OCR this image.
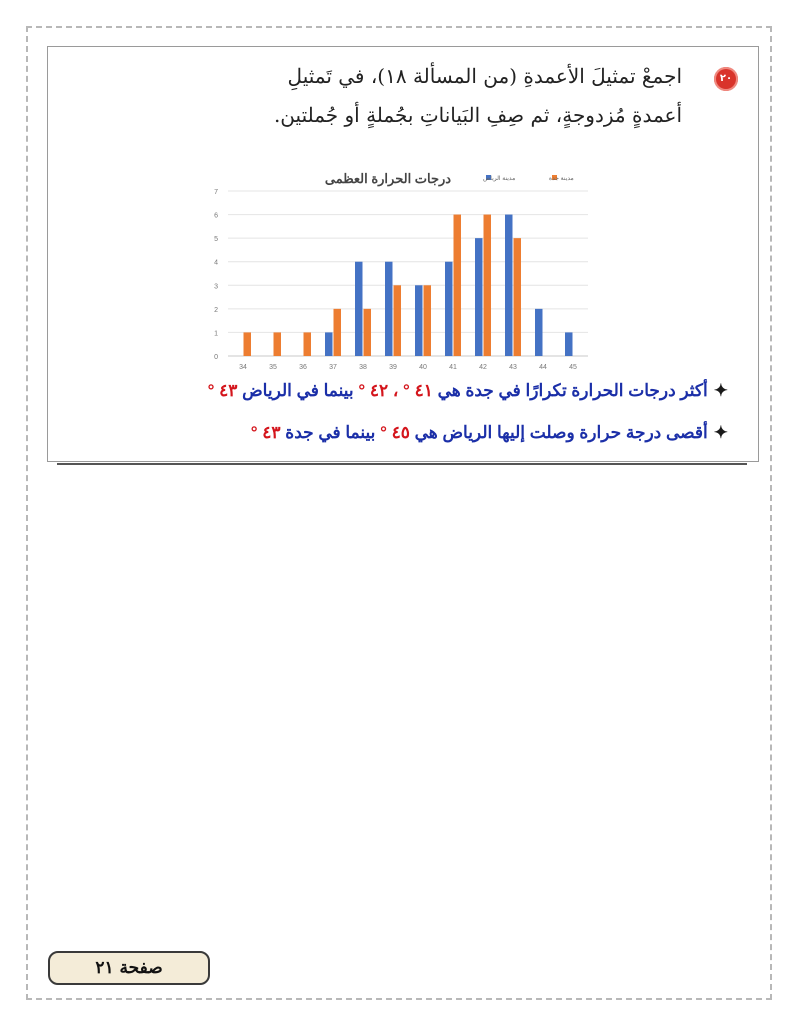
٢٠
اجمعْ تمثيلَ الأعمدةِ (من المسألة ١٨)، في تَمثيلِ
أعمدةٍ مُزدوجةٍ، ثم صِفِ البَياناتِ بجُملةٍ أو جُملتين.
درجات الحرارة العظمى	مدينة الرياض	مدينة جدة
0
1
2
3
4
5
6
7
34	35	36	37	38	39	40	41	42	43	44	45
✦أكثر درجات الحرارة تكرارًا في جدة هي ٤١ ° ، ٤٢ ° بينما في الرياض ٤٣ °
✦أقصى درجة حرارة وصلت إليها الرياض هي ٤٥ ° بينما في جدة ٤٣ °
صفحة ٢١
